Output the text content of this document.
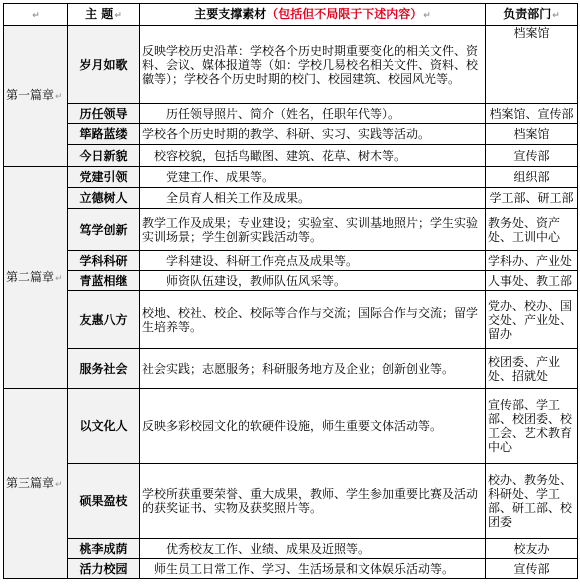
↵	主 题↵	主要支撑素材（包括但不局限于下述内容）↵	负责部门↵
第一篇章↵	岁月如歌	反映学校历史沿革：学校各个历史时期重要变化的相关文件、资料、会议、媒体报道等（如：学校几易校名相关文件、资料、校徽等）；学校各个历史时期的校门、校园建筑、校园风光等。	档案馆
	历任领导	历任领导照片、简介（姓名，任职年代等）。	档案馆、宣传部
	筚路蓝缕	学校各个历史时期的教学、科研、实习、实践等活动。	档案馆
	今日新貌	校容校貌，包括鸟瞰图、建筑、花草、树木等。	宣传部
第二篇章↵	党建引领	党建工作、成果等。	组织部
	立德树人	全员育人相关工作及成果。	学工部、研工部
	笃学创新	教学工作及成果；专业建设；实验室、实训基地照片；学生实验实训场景；学生创新实践活动等。	教务处、资产处、工训中心
	学科科研	学科建设、科研工作亮点及成果等。	学科办、产业处
	青蓝相继	师资队伍建设，教师队伍风采等。	人事处、教工部
	友惠八方	校地、校社、校企、校际等合作与交流；国际合作与交流；留学生培养等。	党办、校办、国交处、产业处、留办
	服务社会	社会实践；志愿服务；科研服务地方及企业；创新创业等。	校团委、产业处、招就处
第三篇章↵	以文化人	反映多彩校园文化的软硬件设施，师生重要文体活动等。	宣传部、学工部、校团委、校工会、艺术教育中心
	硕果盈枝	学校所获重要荣誉、重大成果，教师、学生参加重要比赛及活动的获奖证书、实物及获奖照片等。	校办、教务处、科研处、学工部、研工部、校团委
	桃李成荫	优秀校友工作、业绩、成果及近照等。	校友办
	活力校园	师生员工日常工作、学习、生活场景和文体娱乐活动等。	宣传部
